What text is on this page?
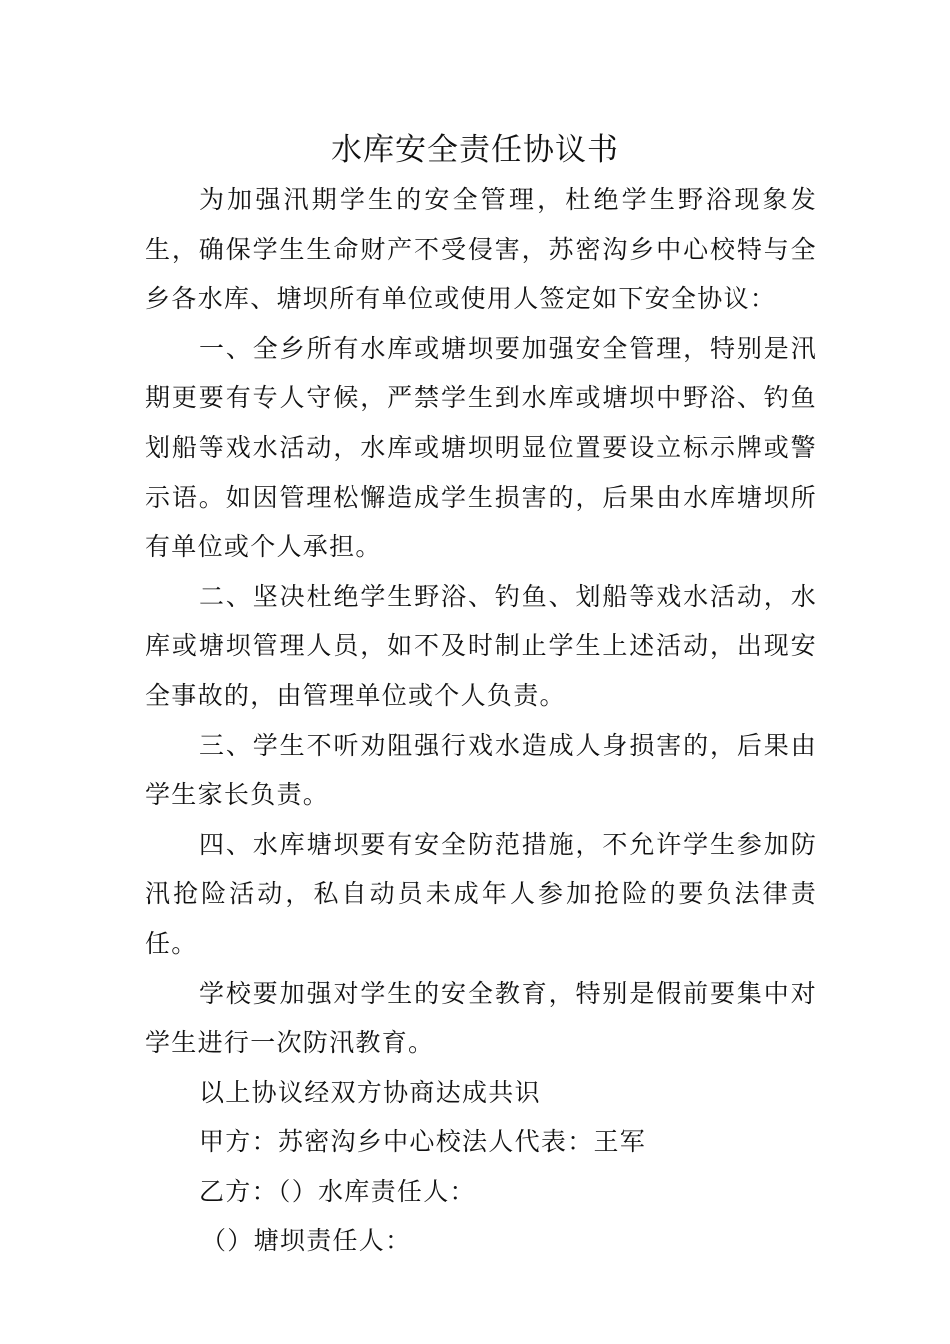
水库安全责任协议书

为加强汛期学生的安全管理，杜绝学生野浴现象发生，确保学生生命财产不受侵害，苏密沟乡中心校特与全乡各水库、塘坝所有单位或使用人签定如下安全协议：

一、全乡所有水库或塘坝要加强安全管理，特别是汛期更要有专人守候，严禁学生到水库或塘坝中野浴、钓鱼划船等戏水活动，水库或塘坝明显位置要设立标示牌或警示语。如因管理松懈造成学生损害的，后果由水库塘坝所有单位或个人承担。

二、坚决杜绝学生野浴、钓鱼、划船等戏水活动，水库或塘坝管理人员，如不及时制止学生上述活动，出现安全事故的，由管理单位或个人负责。

三、学生不听劝阻强行戏水造成人身损害的，后果由学生家长负责。

四、水库塘坝要有安全防范措施，不允许学生参加防汛抢险活动，私自动员未成年人参加抢险的要负法律责任。

学校要加强对学生的安全教育，特别是假前要集中对学生进行一次防汛教育。

以上协议经双方协商达成共识

甲方：苏密沟乡中心校法人代表：王军

乙方：（）水库责任人：

（）塘坝责任人：
